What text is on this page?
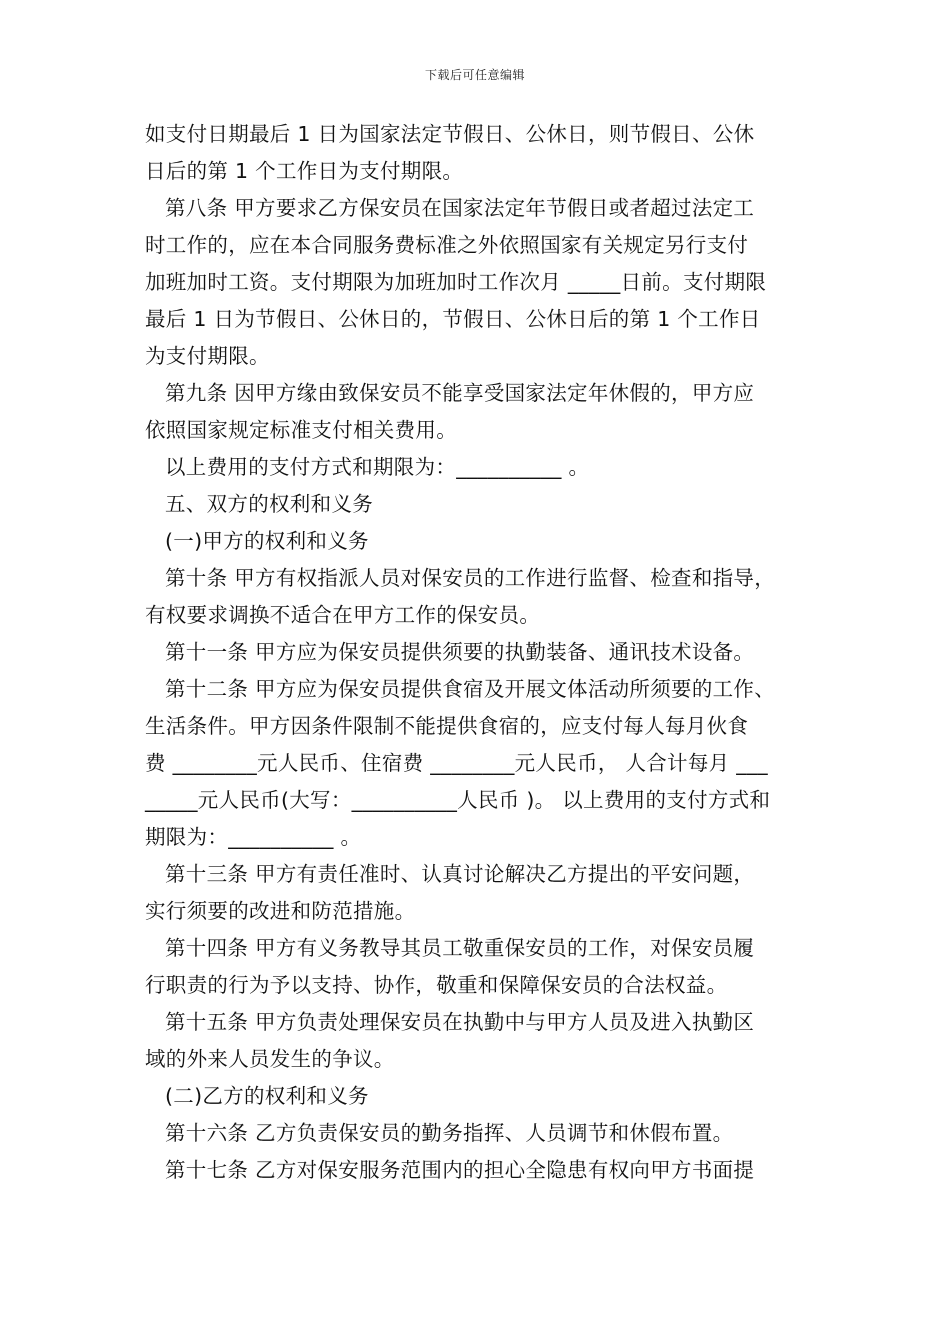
下载后可任意编辑
如支付日期最后 1 日为国家法定节假日、公休日，则节假日、公休
日后的第 1 个工作日为支付期限。
第八条 甲方要求乙方保安员在国家法定年节假日或者超过法定工
时工作的，应在本合同服务费标准之外依照国家有关规定另行支付
加班加时工资。支付期限为加班加时工作次月 _____日前。支付期限
最后 1 日为节假日、公休日的，节假日、公休日后的第 1 个工作日
为支付期限。
第九条 因甲方缘由致保安员不能享受国家法定年休假的，甲方应
依照国家规定标准支付相关费用。
以上费用的支付方式和期限为：__________ 。
五、双方的权利和义务
(一)甲方的权利和义务
第十条 甲方有权指派人员对保安员的工作进行监督、检查和指导，
有权要求调换不适合在甲方工作的保安员。
第十一条 甲方应为保安员提供须要的执勤装备、通讯技术设备。
第十二条 甲方应为保安员提供食宿及开展文体活动所须要的工作、
生活条件。甲方因条件限制不能提供食宿的，应支付每人每月伙食
费 ________元人民币、住宿费 ________元人民币， 人合计每月 ___
_____元人民币(大写：__________人民币 )。 以上费用的支付方式和
期限为：__________ 。
第十三条 甲方有责任准时、认真讨论解决乙方提出的平安问题，
实行须要的改进和防范措施。
第十四条 甲方有义务教导其员工敬重保安员的工作，对保安员履
行职责的行为予以支持、协作，敬重和保障保安员的合法权益。
第十五条 甲方负责处理保安员在执勤中与甲方人员及进入执勤区
域的外来人员发生的争议。
(二)乙方的权利和义务
第十六条 乙方负责保安员的勤务指挥、人员调节和休假布置。
第十七条 乙方对保安服务范围内的担心全隐患有权向甲方书面提
